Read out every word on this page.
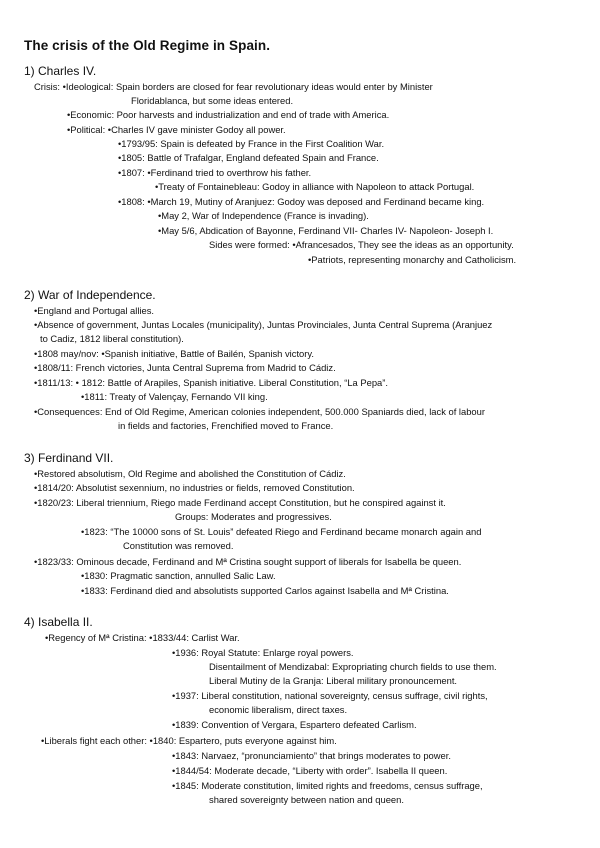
The crisis of the Old Regime in Spain.
1) Charles IV.
Crisis: •Ideological: Spain borders are closed for fear revolutionary ideas would enter by Minister
Floridablanca, but some ideas entered.
•Economic: Poor harvests and industrialization and end of trade with America.
•Political: •Charles IV gave minister Godoy all power.
•1793/95: Spain is defeated by France in the First Coalition War.
•1805: Battle of Trafalgar, England defeated Spain and France.
•1807: •Ferdinand tried to overthrow his father.
•Treaty of Fontainebleau: Godoy in alliance with Napoleon to attack Portugal.
•1808: •March 19, Mutiny of Aranjuez: Godoy was deposed and Ferdinand became king.
•May 2, War of Independence (France is invading).
•May 5/6, Abdication of Bayonne, Ferdinand VII- Charles IV- Napoleon- Joseph I.
Sides were formed: •Afrancesados, They see the ideas as an opportunity.
•Patriots, representing monarchy and Catholicism.
2) War of Independence.
•England and Portugal allies.
•Absence of government, Juntas Locales (municipality), Juntas Provinciales, Junta Central Suprema (Aranjuez
to Cadiz, 1812 liberal constitution).
•1808 may/nov: •Spanish initiative, Battle of Bailén, Spanish victory.
•1808/11: French victories, Junta Central Suprema from Madrid to Cádiz.
•1811/13: • 1812: Battle of Arapiles, Spanish initiative. Liberal Constitution, “La Pepa”.
•1811: Treaty of Valençay, Fernando VII king.
•Consequences: End of Old Regime, American colonies independent, 500.000 Spaniards died, lack of labour
in fields and factories, Frenchified moved to France.
3) Ferdinand VII.
•Restored absolutism, Old Regime and abolished the Constitution of Cádiz.
•1814/20: Absolutist sexennium, no industries or fields, removed Constitution.
•1820/23: Liberal triennium, Riego made Ferdinand accept Constitution, but he conspired against it.
Groups: Moderates and progressives.
•1823: “The 10000 sons of St. Louis” defeated Riego and Ferdinand became monarch again and
Constitution was removed.
•1823/33: Ominous decade, Ferdinand and Mª Cristina sought support of liberals for Isabella be queen.
•1830: Pragmatic sanction, annulled Salic Law.
•1833: Ferdinand died and absolutists supported Carlos against Isabella and Mª Cristina.
4) Isabella II.
•Regency of Mª Cristina: •1833/44: Carlist War.
•1936: Royal Statute: Enlarge royal powers.
Disentailment of Mendizabal: Expropriating church fields to use them.
Liberal Mutiny de la Granja: Liberal military pronouncement.
•1937: Liberal constitution, national sovereignty, census suffrage, civil rights,
economic liberalism, direct taxes.
•1839: Convention of Vergara, Espartero defeated Carlism.
•Liberals fight each other: •1840: Espartero, puts everyone against him.
•1843: Narvaez, “pronunciamiento” that brings moderates to power.
•1844/54: Moderate decade, “Liberty with order”. Isabella II queen.
•1845: Moderate constitution, limited rights and freedoms, census suffrage,
shared sovereignty between nation and queen.
